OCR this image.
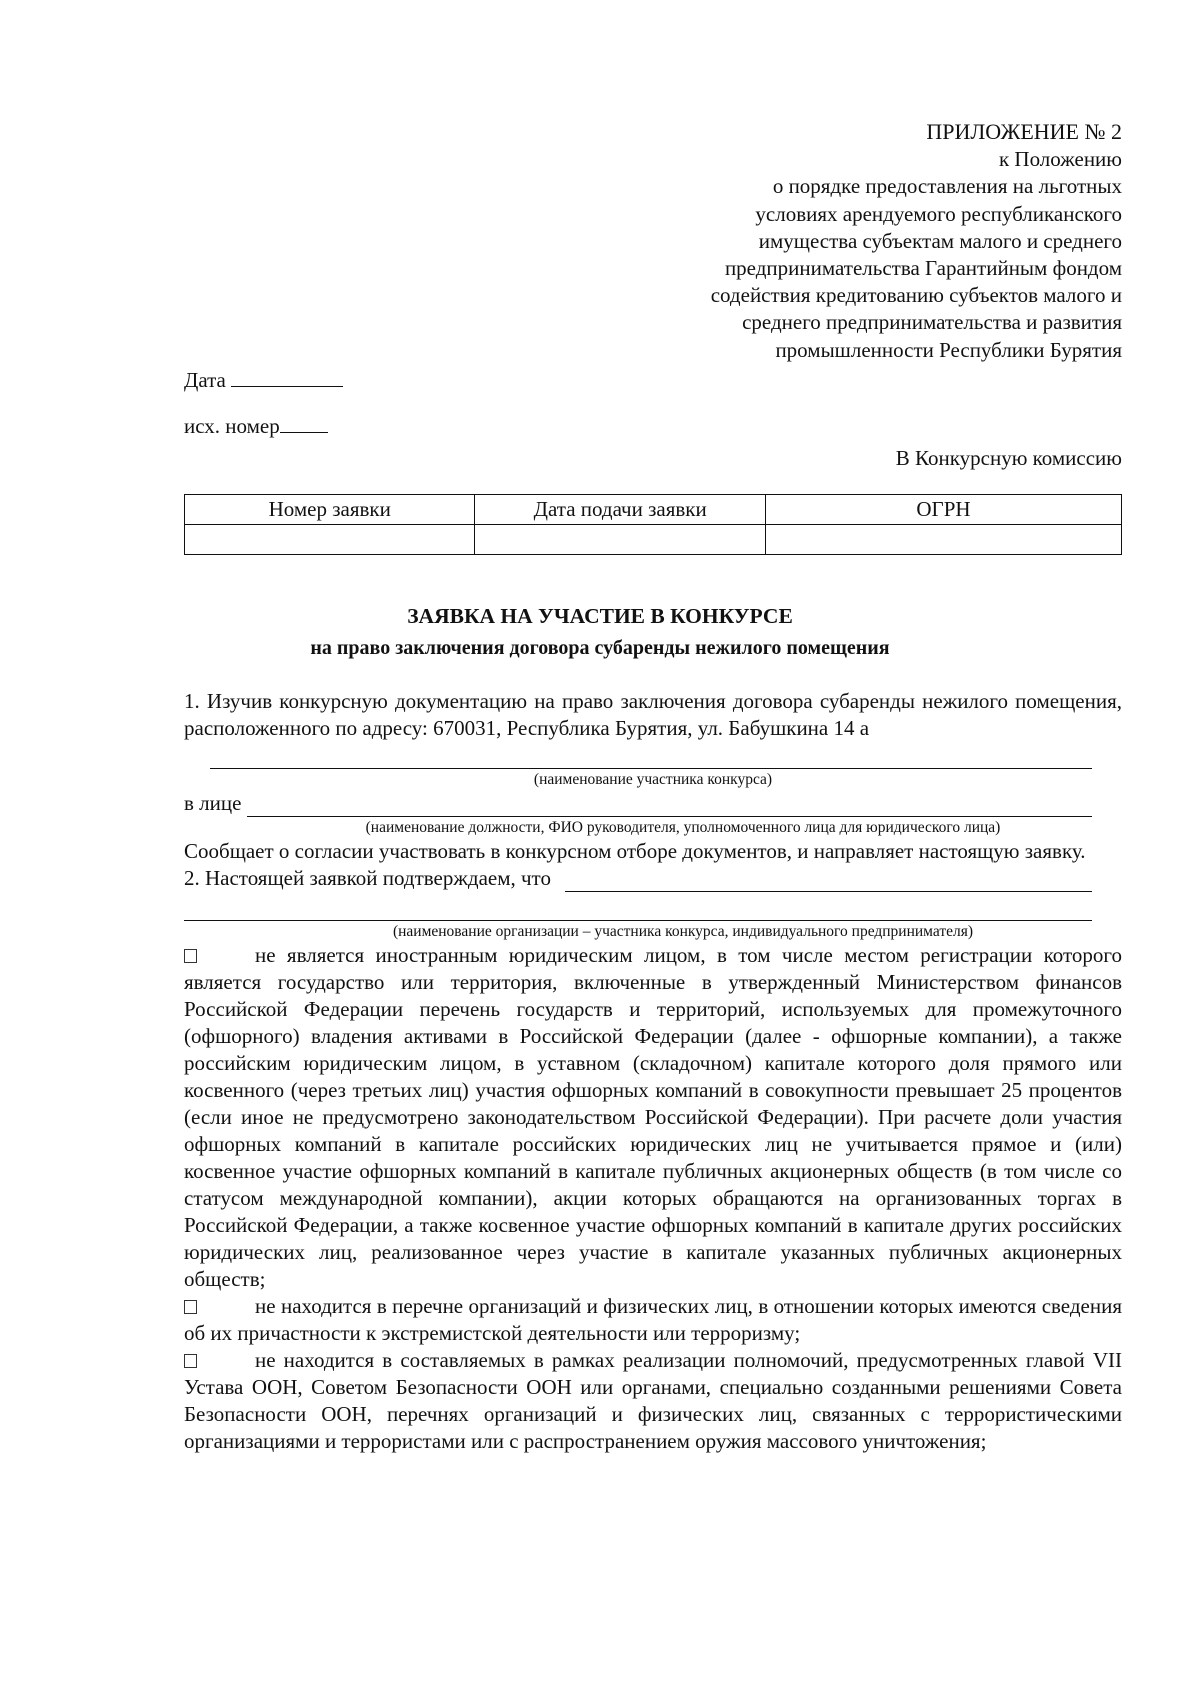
ПРИЛОЖЕНИЕ № 2
к Положению
о порядке предоставления на льготных
условиях арендуемого республиканского
имущества субъектам малого и среднего
предпринимательства Гарантийным фондом
содействия кредитованию субъектов малого и
среднего предпринимательства и развития
промышленности Республики Бурятия
Дата
исх. номер
В Конкурсную комиссию
Номер заявки	Дата подачи заявки	ОГРН

ЗАЯВКА НА УЧАСТИЕ В КОНКУРСЕ
на право заключения договора субаренды нежилого помещения
1. Изучив конкурсную документацию на право заключения договора субаренды нежилого помещения, расположенного по адресу: 670031, Республика Бурятия, ул. Бабушкина 14 а
(наименование участника конкурса)
в лице
(наименование должности, ФИО руководителя, уполномоченного лица для юридического лица)
Сообщает о согласии участвовать в конкурсном отборе документов, и направляет настоящую заявку.
2. Настоящей заявкой подтверждаем, что
(наименование организации – участника конкурса, индивидуального предпринимателя)
не является иностранным юридическим лицом, в том числе местом регистрации которого является государство или территория, включенные в утвержденный Министерством финансов Российской Федерации перечень государств и территорий, используемых для промежуточного (офшорного) владения активами в Российской Федерации (далее - офшорные компании), а также российским юридическим лицом, в уставном (складочном) капитале которого доля прямого или косвенного (через третьих лиц) участия офшорных компаний в совокупности превышает 25 процентов (если иное не предусмотрено законодательством Российской Федерации). При расчете доли участия офшорных компаний в капитале российских юридических лиц не учитывается прямое и (или) косвенное участие офшорных компаний в капитале публичных акционерных обществ (в том числе со статусом международной компании), акции которых обращаются на организованных торгах в Российской Федерации, а также косвенное участие офшорных компаний в капитале других российских юридических лиц, реализованное через участие в капитале указанных публичных акционерных обществ;
не находится в перечне организаций и физических лиц, в отношении которых имеются сведения об их причастности к экстремистской деятельности или терроризму;
не находится в составляемых в рамках реализации полномочий, предусмотренных главой VII Устава ООН, Советом Безопасности ООН или органами, специально созданными решениями Совета Безопасности ООН, перечнях организаций и физических лиц, связанных с террористическими организациями и террористами или с распространением оружия массового уничтожения;
